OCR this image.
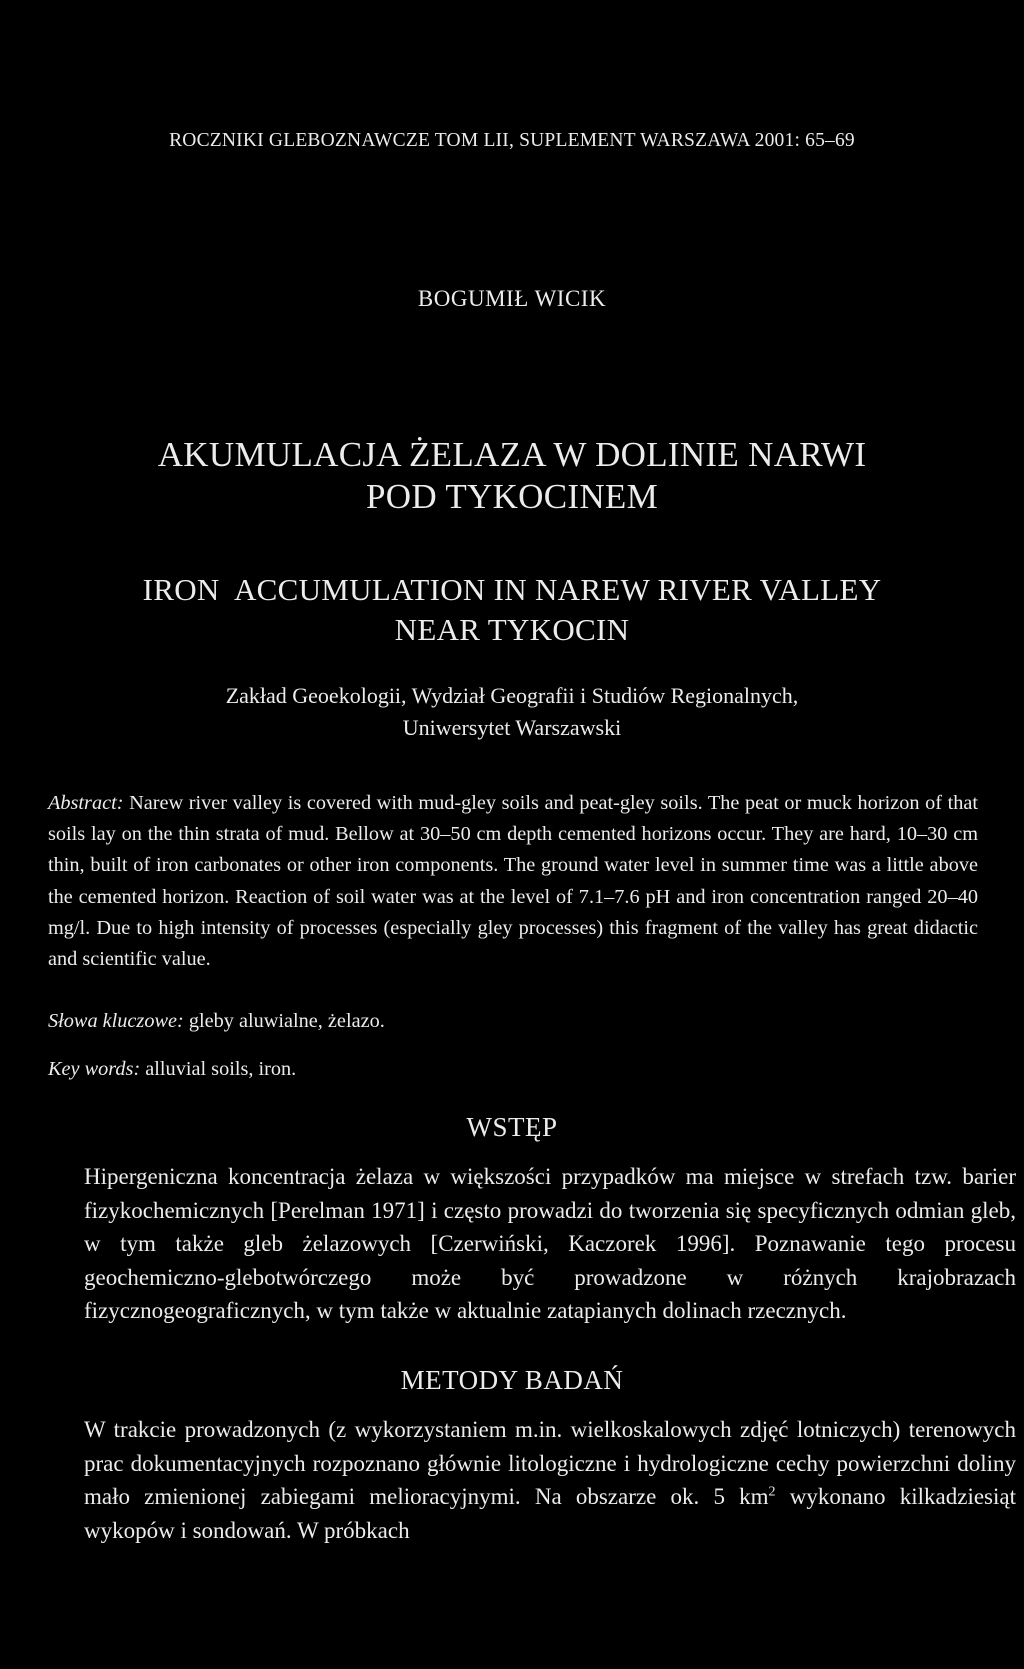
ROCZNIKI GLEBOZNAWCZE TOM LII, SUPLEMENT WARSZAWA 2001: 65–69
BOGUMIŁ WICIK
AKUMULACJA ŻELAZA W DOLINIE NARWI
POD TYKOCINEM
IRON  ACCUMULATION IN NAREW RIVER VALLEY
NEAR TYKOCIN
Zakład Geoekologii, Wydział Geografii i Studiów Regionalnych,
Uniwersytet Warszawski
Abstract: Narew river valley is covered with mud-gley soils and peat-gley soils. The peat or muck horizon of that soils lay on the thin strata of mud. Bellow at 30–50 cm depth cemented horizons occur. They are hard, 10–30 cm thin, built of iron carbonates or other iron components. The ground water level in summer time was a little above the cemented horizon. Reaction of soil water was at the level of 7.1–7.6 pH and iron concentration ranged 20–40 mg/l. Due to high intensity of processes (especially gley processes) this fragment of the valley has great didactic and scientific value.
Słowa kluczowe: gleby aluwialne, żelazo.
Key words: alluvial soils, iron.
WSTĘP
Hipergeniczna koncentracja żelaza w większości przypadków ma miejsce w strefach tzw. barier fizykochemicznych [Perelman 1971] i często prowadzi do tworzenia się specyficznych odmian gleb, w tym także gleb żelazowych [Czerwiński, Kaczorek 1996]. Poznawanie tego procesu geochemiczno-glebotwórczego może być prowadzone w różnych krajobrazach fizycznogeograficznych, w tym także w aktualnie zatapianych dolinach rzecznych.
METODY BADAŃ
W trakcie prowadzonych (z wykorzystaniem m.in. wielkoskalowych zdjęć lotniczych) terenowych prac dokumentacyjnych rozpoznano głównie litologiczne i hydrologiczne cechy powierzchni doliny mało zmienionej zabiegami melioracyjnymi. Na obszarze ok. 5 $km^2$ wykonano kilkadziesiąt wykopów i sondowań. W próbkach
